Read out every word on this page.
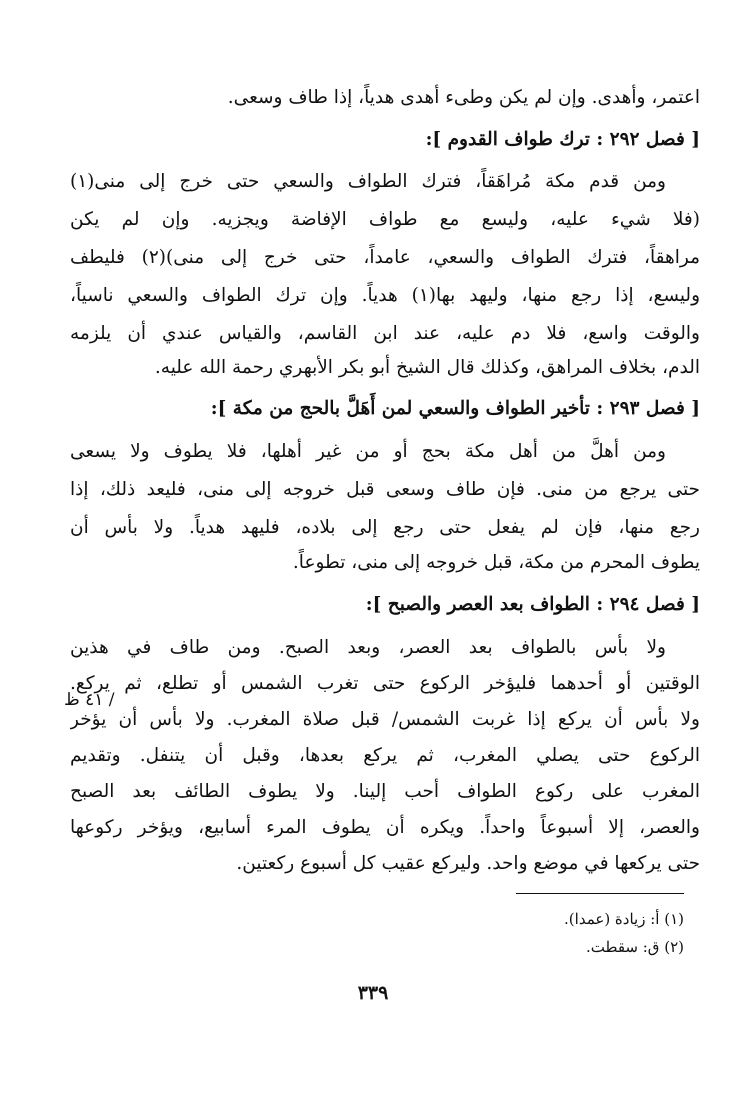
اعتمر، وأهدى. وإن لم يكن وطىء أهدى هدياً، إذا طاف وسعى.
[ فصل ٢٩٢ : ترك طواف القدوم ]:
ومن قدم مكة مُراهَقاً، فترك الطواف والسعي حتى خرج إلى منى(١)
(فلا شيء عليه، وليسع مع طواف الإفاضة ويجزيه. وإن لم يكن
مراهقاً، فترك الطواف والسعي، عامداً، حتى خرج إلى منى)(٢) فليطف
وليسع، إذا رجع منها، وليهد بها(١) هدياً. وإن ترك الطواف والسعي ناسياً،
والوقت واسع، فلا دم عليه، عند ابن القاسم، والقياس عندي أن يلزمه
الدم، بخلاف المراهق، وكذلك قال الشيخ أبو بكر الأبهري رحمة الله عليه.
[ فصل ٢٩٣ : تأخير الطواف والسعي لمن أَهَلَّ بالحج من مكة ]:
ومن أهلَّ من أهل مكة بحج أو من غير أهلها، فلا يطوف ولا يسعى
حتى يرجع من منى. فإن طاف وسعى قبل خروجه إلى منى، فليعد ذلك، إذا
رجع منها، فإن لم يفعل حتى رجع إلى بلاده، فليهد هدياً. ولا بأس أن
يطوف المحرم من مكة، قبل خروجه إلى منى، تطوعاً.
[ فصل ٢٩٤ : الطواف بعد العصر والصبح ]:
ولا بأس بالطواف بعد العصر، وبعد الصبح. ومن طاف في هذين
الوقتين أو أحدهما فليؤخر الركوع حتى تغرب الشمس أو تطلع، ثم يركع.
ولا بأس أن يركع إذا غربت الشمس/ قبل صلاة المغرب. ولا بأس أن يؤخر
الركوع حتى يصلي المغرب، ثم يركع بعدها، وقبل أن يتنفل. وتقديم
المغرب على ركوع الطواف أحب إلينا. ولا يطوف الطائف بعد الصبح
والعصر، إلا أسبوعاً واحداً. ويكره أن يطوف المرء أسابيع، ويؤخر ركوعها
حتى يركعها في موضع واحد. وليركع عقيب كل أسبوع ركعتين.
/ ٤١ ظ
(١) أ: زيادة (عمدا).
(٢) ق: سقطت.
٣٣٩
